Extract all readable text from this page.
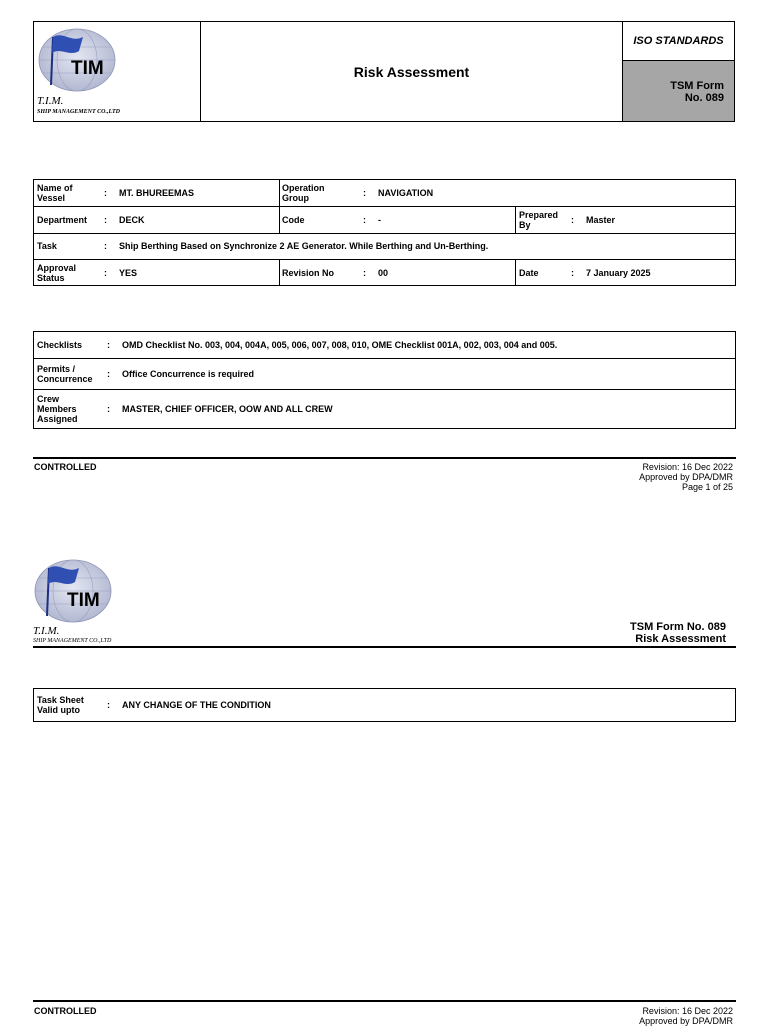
TIM
T.I.M.
SHIP MANAGEMENT CO.,LTD
Risk Assessment
ISO STANDARDS
TSM Form
No. 089
Name of Vessel	: MT. BHUREEMAS	Operation Group	: NAVIGATION
Department : DECK	Code	: -	Prepared By	: Master
Task	: Ship Berthing Based on Synchronize 2 AE Generator. While Berthing and Un-Berthing.
Approval Status	: YES	Revision No	: 00	Date	: 7 January 2025
Checklists	: OMD Checklist No. 003, 004, 004A, 005, 006, 007, 008, 010, OME Checklist 001A, 002, 003, 004 and 005.
Permits / Concurrence	: Office Concurrence is required
Crew Members Assigned
: MASTER, CHIEF OFFICER, OOW AND ALL CREW
CONTROLLED	Revision: 16 Dec 2022
Approved by DPA/DMR
Page 1 of 25
TIM
T.I.M.
SHIP MANAGEMENT CO.,LTD
TSM Form No. 089
Risk Assessment
Task Sheet Valid upto	: ANY CHANGE OF THE CONDITION
CONTROLLED	Revision: 16 Dec 2022
Approved by DPA/DMR
